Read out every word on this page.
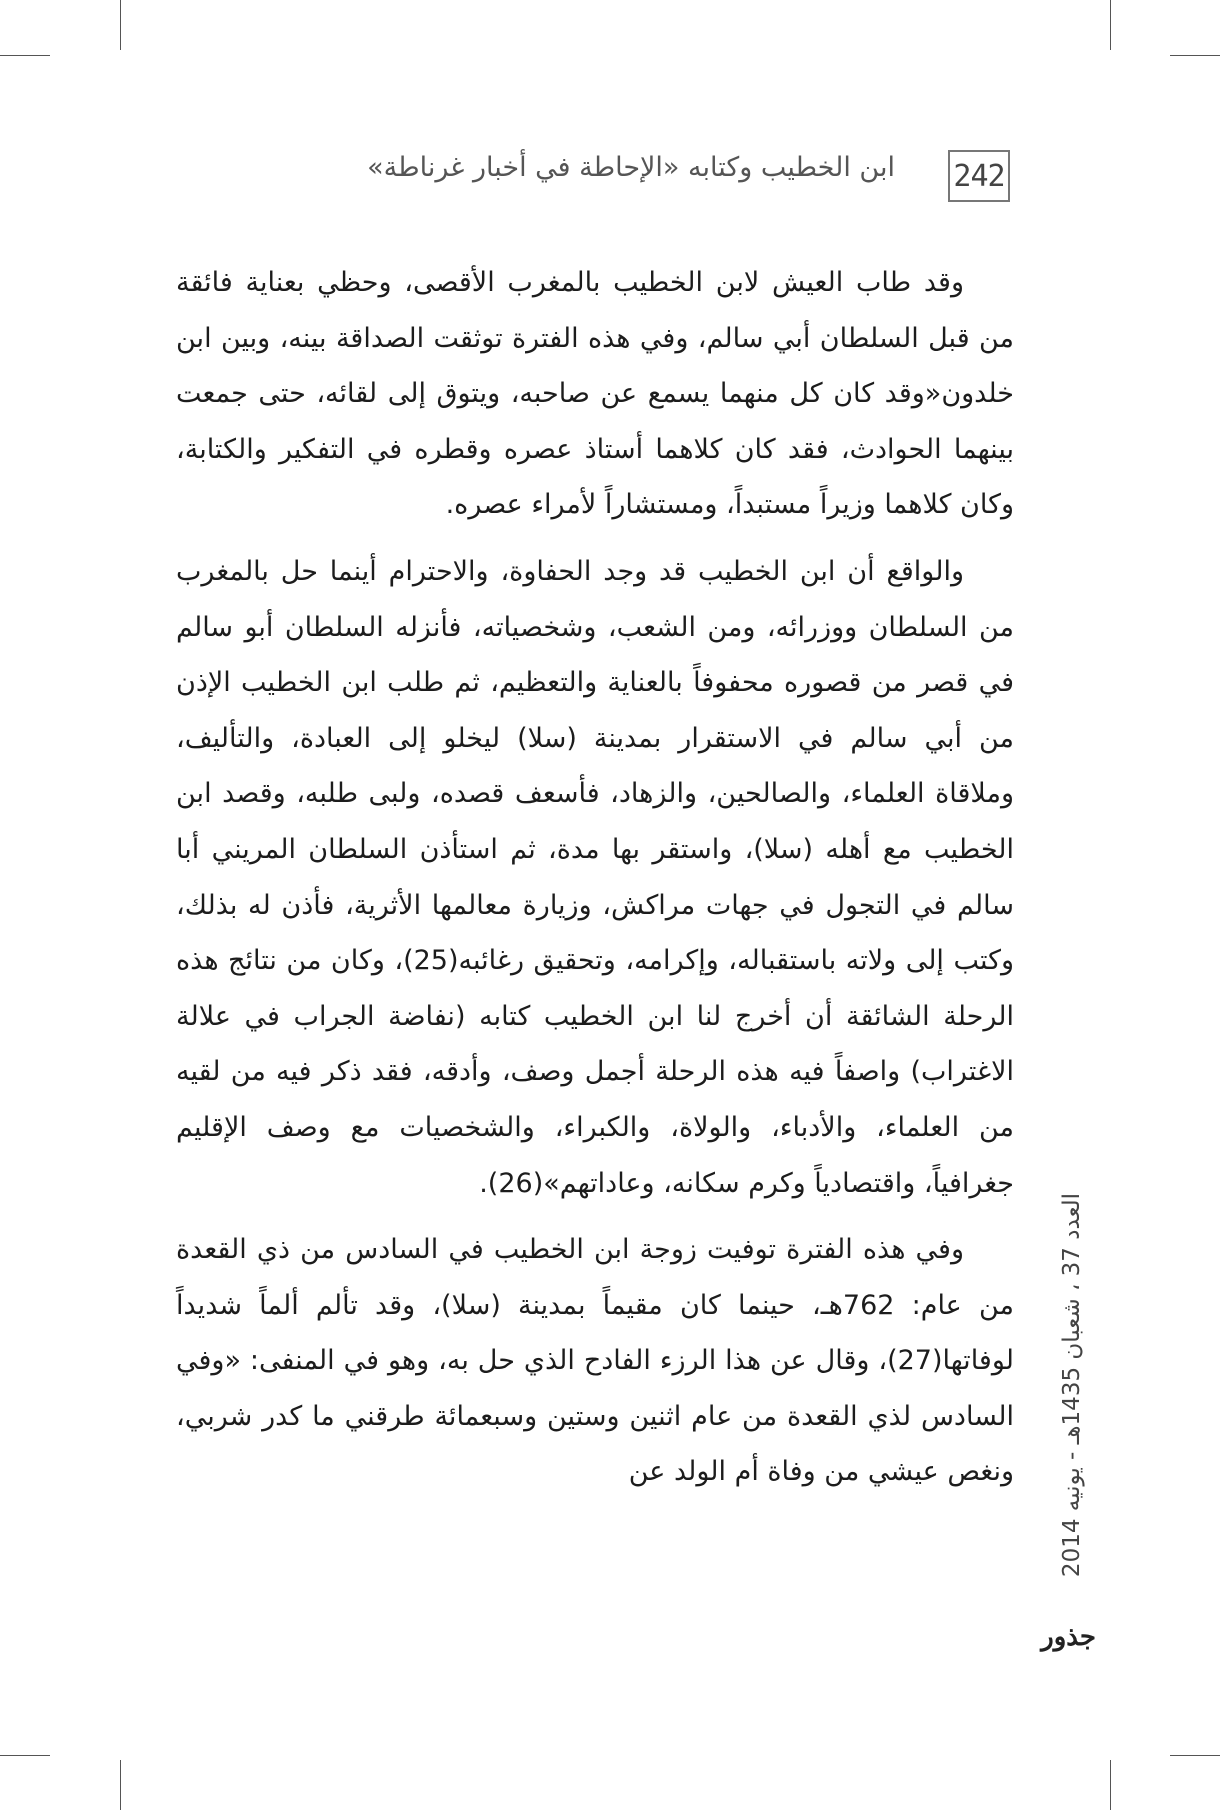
242
ابن الخطيب وكتابه «الإحاطة في أخبار غرناطة»

وقد طاب العيش لابن الخطيب بالمغرب الأقصى، وحظي بعناية فائقة من قبل السلطان أبي سالم، وفي هذه الفترة توثقت الصداقة بينه، وبين ابن خلدون«وقد كان كل منهما يسمع عن صاحبه، ويتوق إلى لقائه، حتى جمعت بينهما الحوادث، فقد كان كلاهما أستاذ عصره وقطره في التفكير والكتابة، وكان كلاهما وزيراً مستبداً، ومستشاراً لأمراء عصره.

والواقع أن ابن الخطيب قد وجد الحفاوة، والاحترام أينما حل بالمغرب من السلطان ووزرائه، ومن الشعب، وشخصياته، فأنزله السلطان أبو سالم في قصر من قصوره محفوفاً بالعناية والتعظيم، ثم طلب ابن الخطيب الإذن من أبي سالم في الاستقرار بمدينة (سلا) ليخلو إلى العبادة، والتأليف، وملاقاة العلماء، والصالحين، والزهاد، فأسعف قصده، ولبى طلبه، وقصد ابن الخطيب مع أهله (سلا)، واستقر بها مدة، ثم استأذن السلطان المريني أبا سالم في التجول في جهات مراكش، وزيارة معالمها الأثرية، فأذن له بذلك، وكتب إلى ولاته باستقباله، وإكرامه، وتحقيق رغائبه(25)، وكان من نتائج هذه الرحلة الشائقة أن أخرج لنا ابن الخطيب كتابه (نفاضة الجراب في علالة الاغتراب) واصفاً فيه هذه الرحلة أجمل وصف، وأدقه، فقد ذكر فيه من لقيه من العلماء، والأدباء، والولاة، والكبراء، والشخصيات مع وصف الإقليم جغرافياً، واقتصادياً وكرم سكانه، وعاداتهم»(26).

وفي هذه الفترة توفيت زوجة ابن الخطيب في السادس من ذي القعدة من عام: 762هـ، حينما كان مقيماً بمدينة (سلا)، وقد تألم ألماً شديداً لوفاتها(27)، وقال عن هذا الرزء الفادح الذي حل به، وهو في المنفى: «وفي السادس لذي القعدة من عام اثنين وستين وسبعمائة طرقني ما كدر شربي، ونغص عيشي من وفاة أم الولد عن

العدد 37 ، شعبان 1435هـ - يونيه 2014
جذور
